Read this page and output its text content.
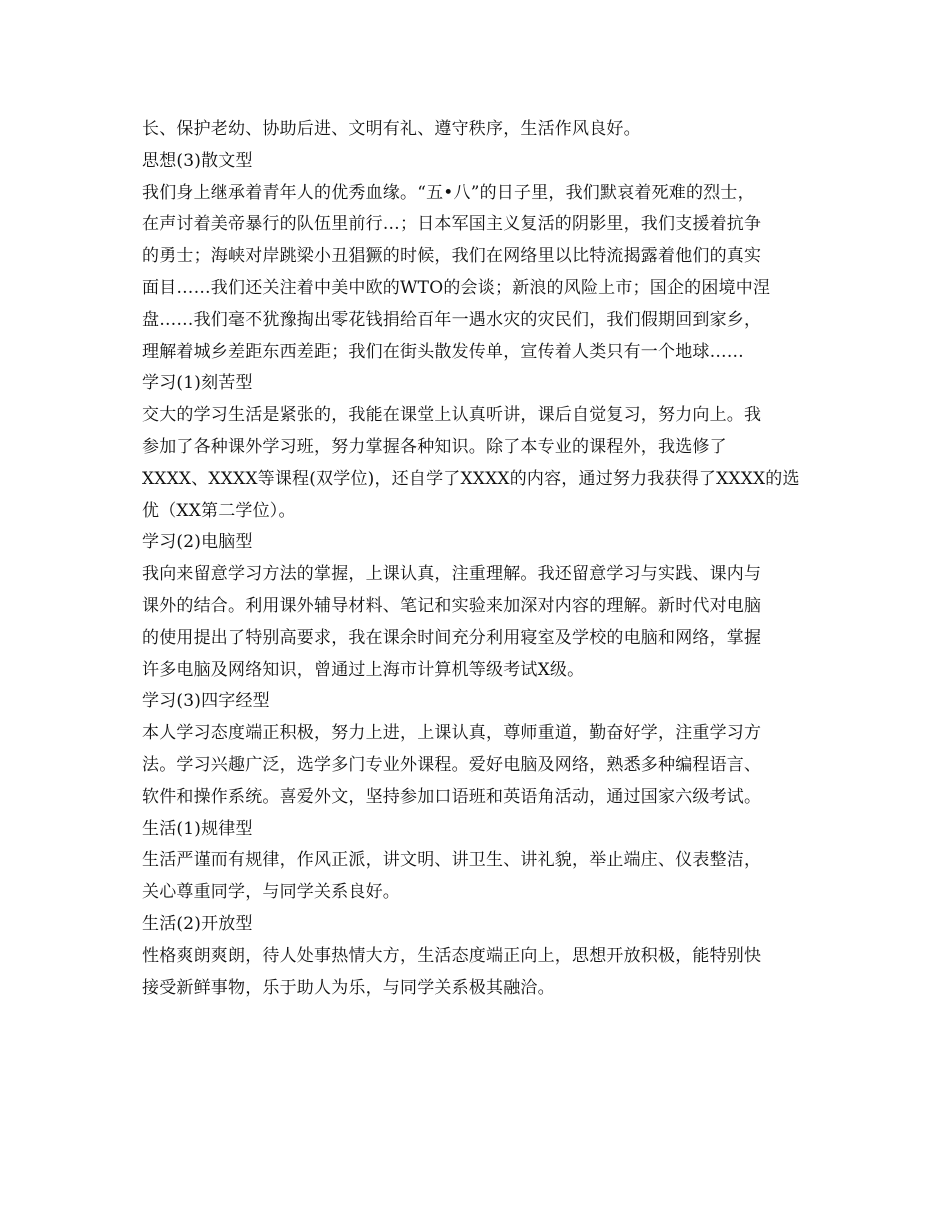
长、保护老幼、协助后进、文明有礼、遵守秩序，生活作风良好。
思想(3)散文型
我们身上继承着青年人的优秀血缘。“五•八”的日子里，我们默哀着死难的烈士，
在声讨着美帝暴行的队伍里前行…；日本军国主义复活的阴影里，我们支援着抗争
的勇士；海峡对岸跳梁小丑猖獗的时候，我们在网络里以比特流揭露着他们的真实
面目……我们还关注着中美中欧的WTO的会谈；新浪的风险上市；国企的困境中涅
盘……我们毫不犹豫掏出零花钱捐给百年一遇水灾的灾民们，我们假期回到家乡，
理解着城乡差距东西差距；我们在街头散发传单，宣传着人类只有一个地球……
学习(1)刻苦型
交大的学习生活是紧张的，我能在课堂上认真听讲，课后自觉复习，努力向上。我
参加了各种课外学习班，努力掌握各种知识。除了本专业的课程外，我选修了
XXXX、XXXX等课程(双学位)，还自学了XXXX的内容，通过努力我获得了XXXX的选
优（XX第二学位）。
学习(2)电脑型
我向来留意学习方法的掌握，上课认真，注重理解。我还留意学习与实践、课内与
课外的结合。利用课外辅导材料、笔记和实验来加深对内容的理解。新时代对电脑
的使用提出了特别高要求，我在课余时间充分利用寝室及学校的电脑和网络，掌握
许多电脑及网络知识，曾通过上海市计算机等级考试X级。
学习(3)四字经型
本人学习态度端正积极，努力上进，上课认真，尊师重道，勤奋好学，注重学习方
法。学习兴趣广泛，选学多门专业外课程。爱好电脑及网络，熟悉多种编程语言、
软件和操作系统。喜爱外文，坚持参加口语班和英语角活动，通过国家六级考试。
生活(1)规律型
生活严谨而有规律，作风正派，讲文明、讲卫生、讲礼貌，举止端庄、仪表整洁，
关心尊重同学，与同学关系良好。
生活(2)开放型
性格爽朗爽朗，待人处事热情大方，生活态度端正向上，思想开放积极，能特别快
接受新鲜事物，乐于助人为乐，与同学关系极其融洽。
